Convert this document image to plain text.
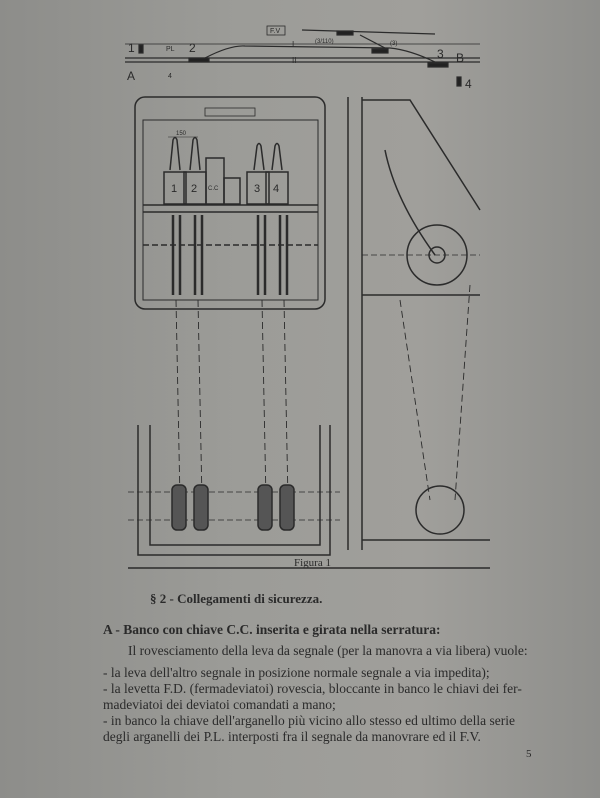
1	2	3
4
A
B
I
II
PL
4
F.V
(3)
(3/110)
1 2	3 4
C.C
150
Figura 1
§ 2 - Collegamenti di sicurezza.
A - Banco con chiave C.C. inserita e girata nella serratura:
Il rovesciamento della leva da segnale (per la manovra a via libera) vuole:
- la leva dell'altro segnale in posizione normale segnale a via impedita);
- la levetta F.D. (fermadeviatoi) rovescia, bloccante in banco le chiavi dei fer-
madeviatoi dei deviatoi comandati a mano;
- in banco la chiave dell'arganello più vicino allo stesso ed ultimo della serie
degli arganelli dei P.L. interposti fra il segnale da manovrare ed il F.V.
5
